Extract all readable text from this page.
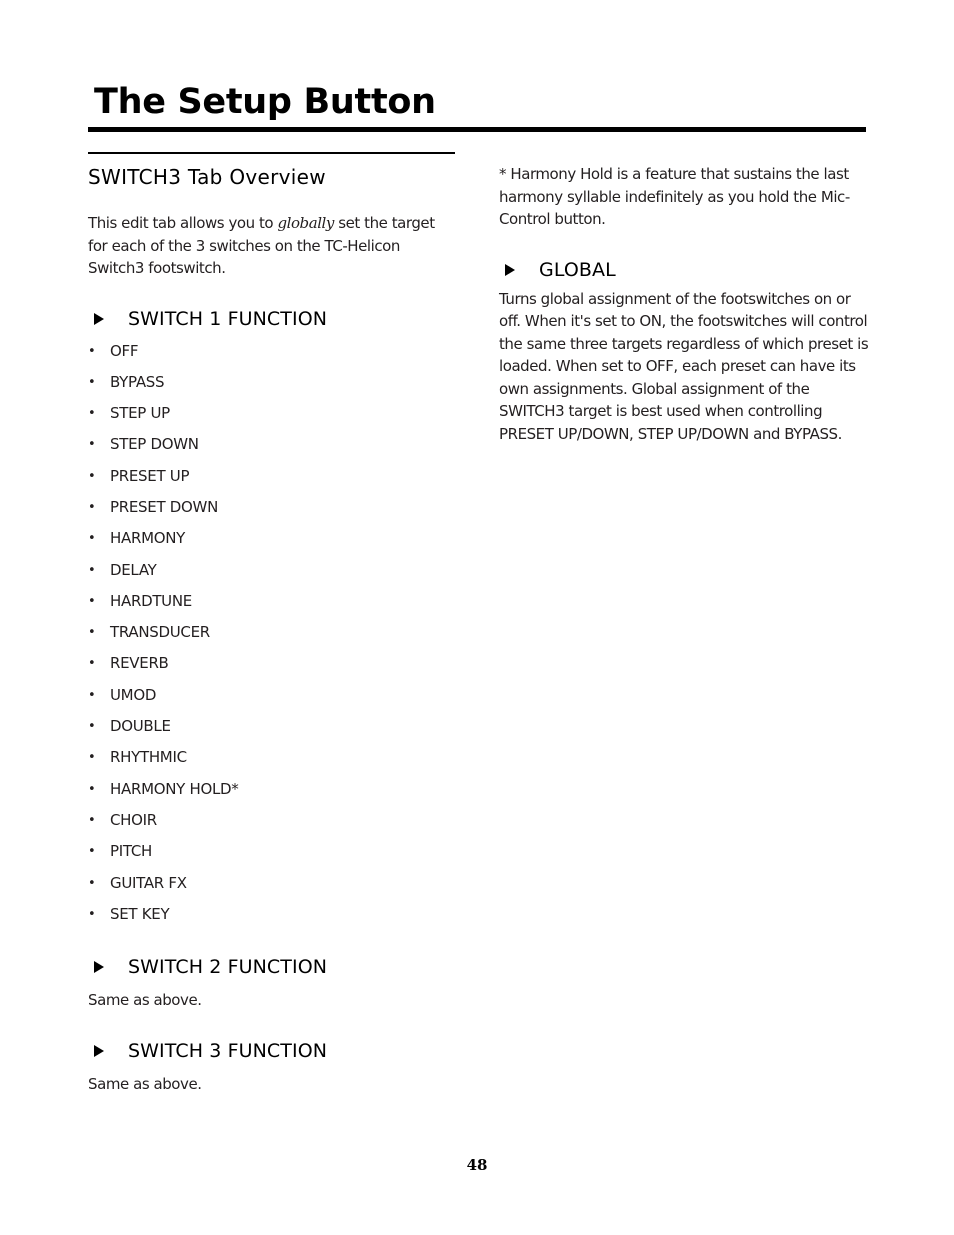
The Setup Button
SWITCH3 Tab Overview

This edit tab allows you to globally set the target for each of the 3 switches on the TC-Helicon Switch3 footswitch.

SWITCH 1 FUNCTION
• OFF
• BYPASS
• STEP UP
• STEP DOWN
• PRESET UP
• PRESET DOWN
• HARMONY
• DELAY
• HARDTUNE
• TRANSDUCER
• REVERB
• UMOD
• DOUBLE
• RHYTHMIC
• HARMONY HOLD*
• CHOIR
• PITCH
• GUITAR FX
• SET KEY
SWITCH 2 FUNCTION

Same as above.

SWITCH 3 FUNCTION

Same as above.

* Harmony Hold is a feature that sustains the last harmony syllable indefinitely as you hold the Mic-Control button.

GLOBAL

Turns global assignment of the footswitches on or off. When it's set to ON, the footswitches will control the same three targets regardless of which preset is loaded. When set to OFF, each preset can have its own assignments. Global assignment of the SWITCH3 target is best used when controlling PRESET UP/DOWN, STEP UP/DOWN and BYPASS.

48
